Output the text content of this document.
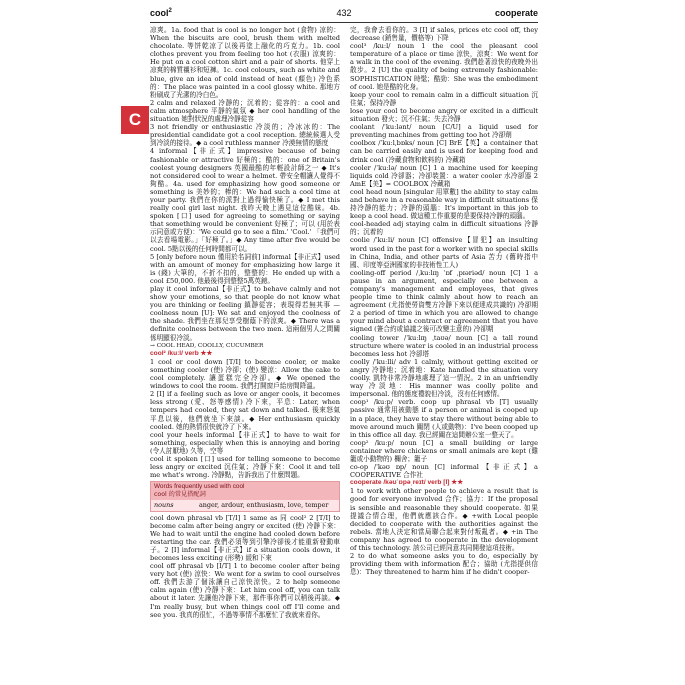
cool$^2$	432	cooperate
C

凉爽。1a. food that is cool is no longer hot (食物) 凉的：When the biscuits are cool, brush them with melted chocolate. 等饼乾凉了以後再塗上融化的巧克力。1b. cool clothes prevent you from feeling too hot (衣服) 涼爽的：He put on a cool cotton shirt and a pair of shorts. 他穿上凉爽的棉質襯衫和短褲。1c. cool colours, such as white and blue, give an idea of cold instead of heat (顏色) 冷色系的：The place was painted in a cool glossy white. 那地方粉刷成了光潔的冷白色。

2 calm and relaxed 冷靜的；沉着的；從容的：a cool and calm atmosphere 平靜的氣氛 ◆ her cool handling of the situation 她對狀況的處理冷靜從容

3 not friendly or enthusiastic 冷淡的；冷冰冰的：The presidential candidate got a cool reception. 總統候選人受到冷淡的接待。◆ a cool ruthless manner 冷漠無情的態度

4 informal【非正式】impressive because of being fashionable or attractive 好極的；酷的：one of Britain's coolest young designers 英國最酷的年輕設計師之一 ◆ It's not considered cool to wear a helmet. 帶安全帽讓人覺得不夠酷。4a. used for emphasizing how good someone or something is 美妙的；棒的：We had such a cool time at your party. 我們在你的派對上過得愉快極了。◆ I met this really cool girl last night. 我昨天晚上遇見這位酷妹。4b. spoken [口] used for agreeing to something or saying that something would be convenient 好極了；可以 (用於表示同意或方便)：'We could go to see a film.' 'Cool.' 「我們可以去看場電影。」「好極了。」◆ Any time after five would be cool. 5點以後的任何時間都可以。

5 [only before noun 僅用於名詞前] informal【非正式】used with an amount of money for emphasizing how large it is (錢) 大筆的，不折不扣的，整整的：He ended up with a cool £50,000. 他最後得到整整5萬英鎊。

play it cool informal【非正式】to behave calmly and not show your emotions, so that people do not know what you are thinking or feeling 鎮靜從容；表現得若無其事 — coolness noun [U]: We sat and enjoyed the coolness of the shade. 我們坐在那兒享受樹蔭下的涼爽。◆ There was a definite coolness between the two men. 這兩個男人之間關係明顯很冷淡。

→ COOL HEAD, COOLLY, CUCUMBER

cool² /kuːl/ verb ★★

1 cool or cool down [T/I] to become cooler, or make something cooler (使) 冷卻；(使) 變涼：Allow the cake to cool completely. 讓蛋糕完全冷卻。◆ We opened the windows to cool the room. 我們打開窗戶給房間降溫。

2 [I] if a feeling such as love or anger cools, it becomes less strong (愛、怒等感情) 冷下來，平息：Later, when tempers had cooled, they sat down and talked. 後來怒氣平息以後，他們就坐下來談。◆ Her enthusiasm quickly cooled. 她的熱情很快就冷了下來。

cool your heels informal【非正式】to have to wait for something, especially when this is annoying and boring (令人討厭地) 久等，空等

cool it spoken [口] used for telling someone to become less angry or excited 沉住氣；冷靜下來：Cool it and tell me what's wrong. 冷靜點，告訴我出了什麼問題。

Words frequently used with cool
cool 的常見搭配詞
nouns	anger, ardour, enthusiasm, love, temper

cool down phrasal vb [T/I] 1 same as 同 cool² 2 [T/I] to become calm after being angry or excited (使) 冷靜下來：We had to wait until the engine had cooled down before restarting the car. 我們必須等到引擎冷卻後才能重新發動車子。2 [I] informal【非正式】if a situation cools down, it becomes less exciting (形勢) 緩和下來

cool off phrasal vb [I/T] 1 to become cooler after being very hot (使) 涼快：We went for a swim to cool ourselves off. 我們去游了個泳讓自己涼快涼快。2 to help someone calm again (使) 冷靜下來：Let him cool off, you can talk about it later. 先讓他冷靜下來，那件事你們可以稍後再談。◆ I'm really busy, but when things cool off I'll come and see you. 我真的很忙，不過等事情不那麼忙了我就來看你。

完，我會去看你的。3 [I] if sales, prices etc cool off, they decrease (銷售量，價格等) 下降

cool³ /kuːl/ noun 1 the cool the pleasant cool temperature of a place or time 涼快，涼爽：We went for a walk in the cool of the evening. 我們趁著涼快的夜晚外出散步。2 [U] the quality of being extremely fashionable: SOPHISTICATION 時髦；酷勁：She was the embodiment of cool. 她是酷的化身。

keep your cool to remain calm in a difficult situation 沉住氣；保持冷靜

lose your cool to become angry or excited in a difficult situation 發火；沉不住氣；失去冷靜

coolant /ˈkuːlənt/ noun [C/U] a liquid used for preventing machines from getting too hot 冷卻劑

coolbox /ˈkuːlˌbɒks/ noun [C] BrE【英】a container that can be carried easily and is used for keeping food and drink cool (冷藏食物和飲料的) 冷藏箱

cooler /ˈkuːlə/ noun [C] 1 a machine used for keeping liquids cold 冷卻器；冷卻裝置：a water cooler 水冷卻器 2 AmE【美】= COOLBOX 冷藏箱

cool head noun [singular 用單數] the ability to stay calm and behave in a reasonable way in difficult situations 保持冷靜的能力；冷靜的頭腦：It's important in this job to keep a cool head. 做這種工作重要的是要保持冷靜的頭腦。

cool-headed adj staying calm in difficult situations 冷靜的；沉着的

coolie /ˈkuːli/ noun [C] offensive【冒犯】an insulting word used in the past for a worker with no special skills in China, India, and other parts of Asia 苦力 (舊時指中國、印度等亞洲國家的非技術性工人)

cooling-off period /ˌkuːlɪŋ ˈɒf ˌpɪəriəd/ noun [C] 1 a pause in an argument, especially one between a company's management and employees, that gives people time to think calmly about how to reach an agreement (尤指使勞資雙方冷靜下來以便達成共識的) 冷卻期 2 a period of time in which you are allowed to change your mind about a contract or agreement that you have signed (簽合約或協議之後可改變主意的) 冷卻期

cooling tower /ˈkuːlɪŋ ˌtaʊə/ noun [C] a tall round structure where water is cooled in an industrial process becomes less hot 冷卻塔

coolly /ˈkuːlli/ adv 1 calmly, without getting excited or angry 冷靜地；沉着地：Kate handled the situation very coolly. 凱特非常冷靜地處理了這一情況。2 in an unfriendly way 冷淡地：His manner was coolly polite and impersonal. 他的態度禮貌但冷淡，沒有任何感情。

coop¹ /kuːp/ verb. coop up phrasal vb [T] usually passive 通常用被動態 if a person or animal is cooped up in a place, they have to stay there without being able to move around much 關閉 (人或動物)：I've been cooped up in this office all day. 我已經關在這間辦公室一整天了。

coop² /kuːp/ noun [C] a small building or large container where chickens or small animals are kept (雞籠或小動物的) 欄舍；籠子

co-op /ˈkəʊ ɒp/ noun [C] informal【非正式】a COOPERATIVE 合作社

cooperate /kəʊˈɒpəˌreɪt/ verb [I] ★★

1 to work with other people to achieve a result that is good for everyone involved 合作；協力：If the proposal is sensible and reasonable they should cooperate. 如果提議合情合理，他們就應該合作。◆ +with Local people decided to cooperate with the authorities against the rebels. 當地人決定和當局聯合起來對付叛亂者。◆ +in The company has agreed to cooperate in the development of this technology. 該公司已經同意共同開發這項技術。

2 to do what someone asks you to do, especially by providing them with information 配合；協助 (尤指提供信息)：They threatened to harm him if he didn't cooper-
